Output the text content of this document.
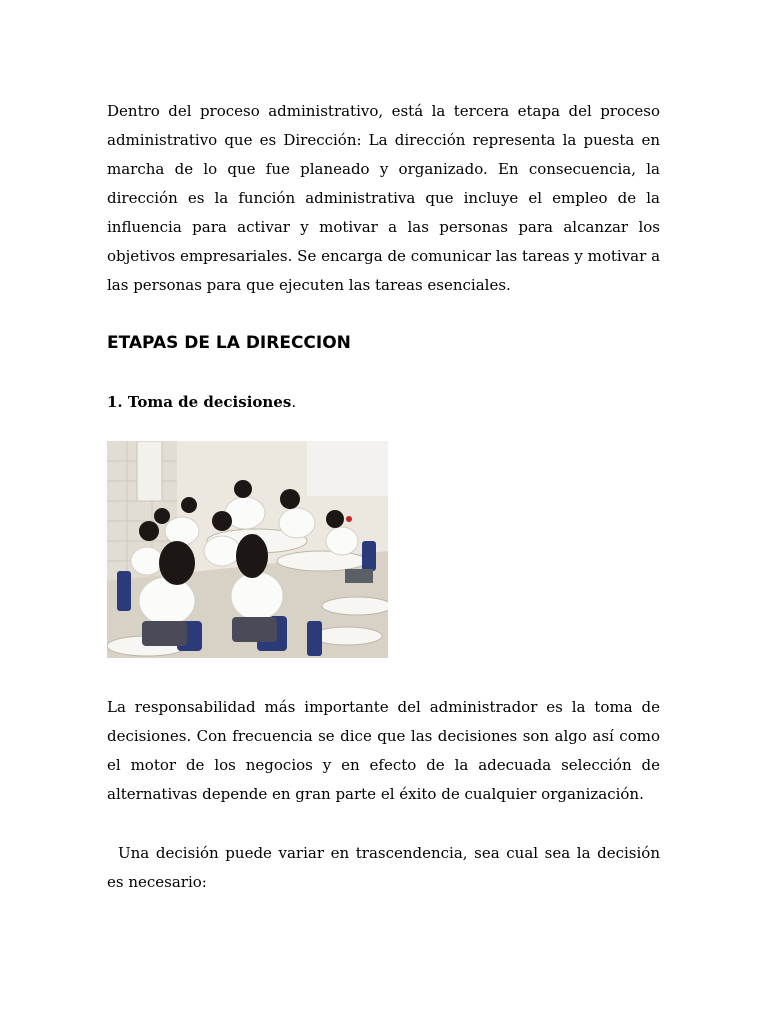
Dentro del proceso administrativo, está la tercera etapa del proceso administrativo que es Dirección: La dirección representa la puesta en marcha de lo que fue planeado y organizado. En consecuencia, la dirección es la función administrativa que incluye el empleo de la influencia para activar y motivar a las personas para alcanzar los objetivos empresariales. Se encarga de comunicar las tareas y motivar a las personas para que ejecuten las tareas esenciales.

ETAPAS DE LA DIRECCION

1. Toma de decisiones.

La responsabilidad más importante del administrador es la toma de decisiones. Con frecuencia se dice que las decisiones son algo así como el motor de los negocios y en efecto de la adecuada selección de alternativas depende en gran parte el éxito de cualquier organización.

Una decisión puede variar en trascendencia, sea cual sea la decisión es necesario:
